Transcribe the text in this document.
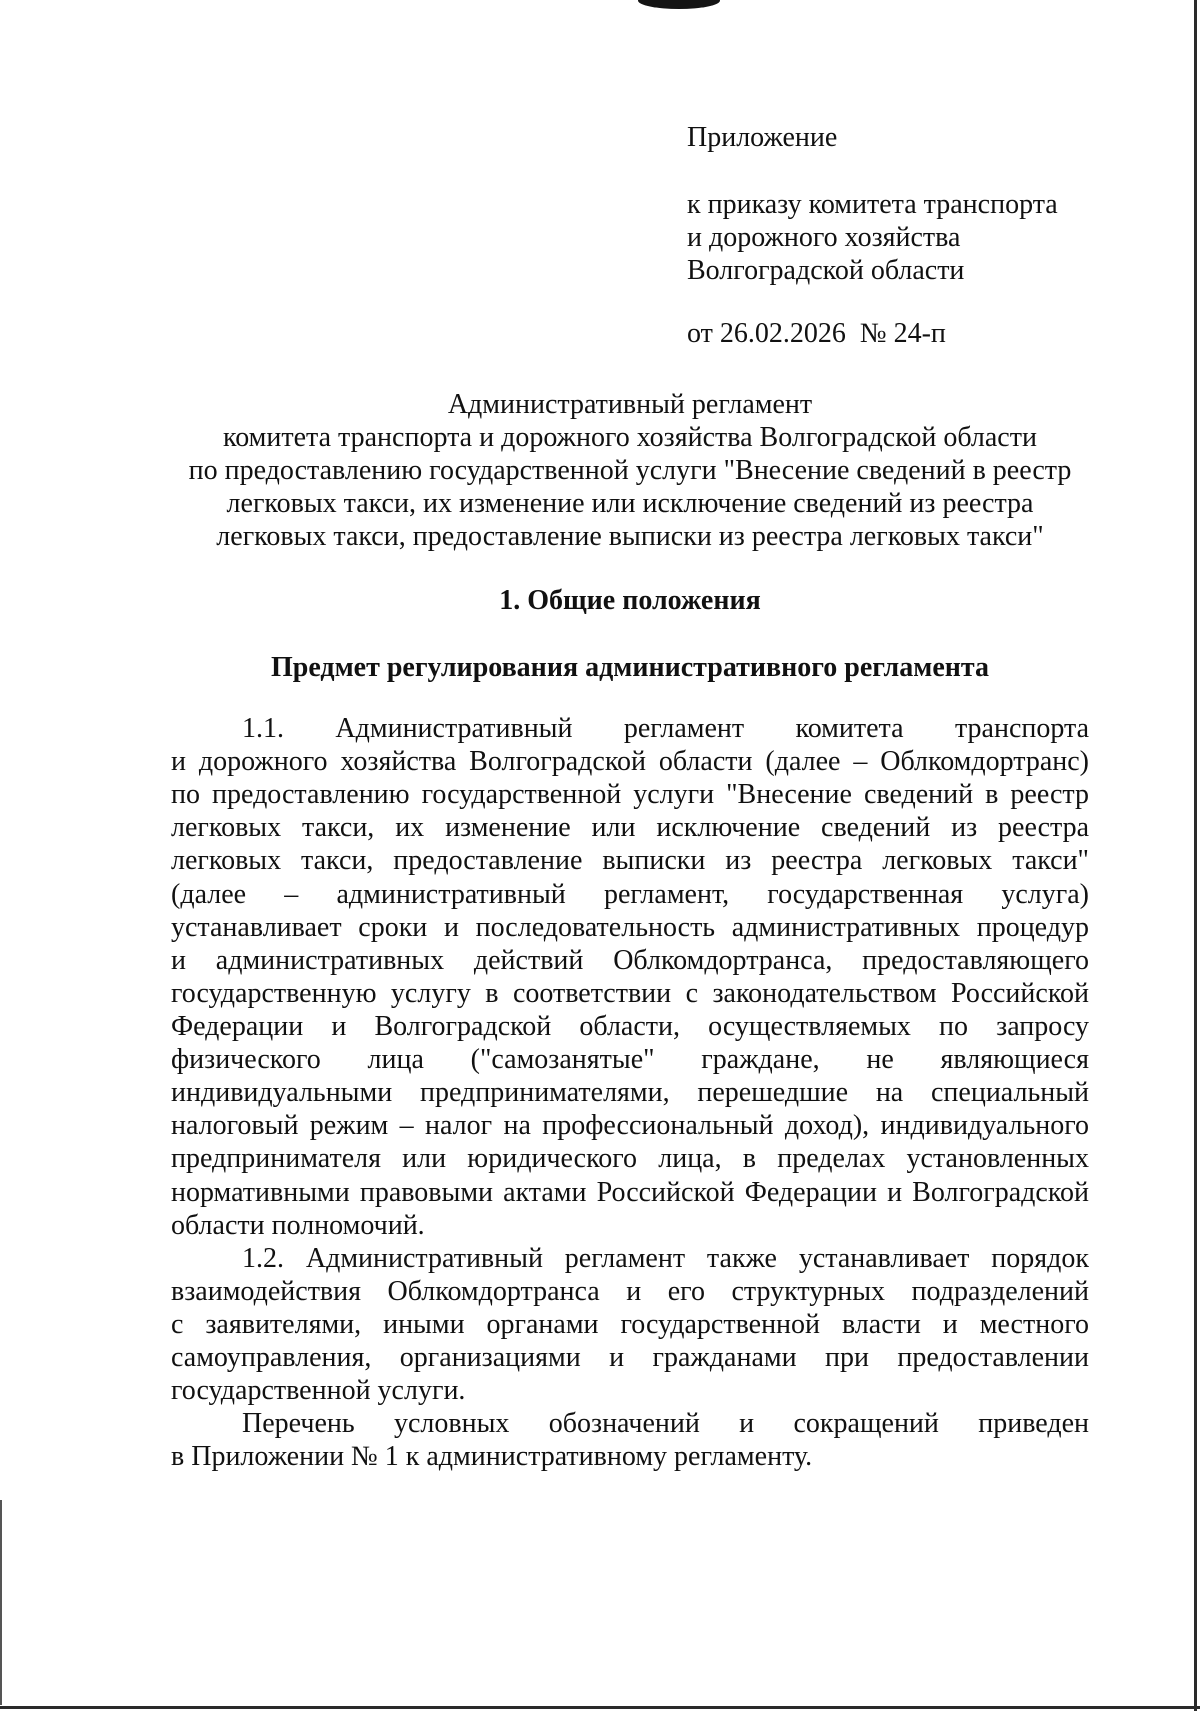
Приложение
к приказу комитета транспорта
и дорожного хозяйства
Волгоградской области
от 26.02.2026  № 24-п
Административный регламент
комитета транспорта и дорожного хозяйства Волгоградской области
по предоставлению государственной услуги "Внесение сведений в реестр
легковых такси, их изменение или исключение сведений из реестра
легковых такси, предоставление выписки из реестра легковых такси"
1. Общие положения
Предмет регулирования административного регламента
1.1. Административный регламент комитета транспорта
и дорожного хозяйства Волгоградской области (далее – Облкомдортранс)
по предоставлению государственной услуги "Внесение сведений в реестр
легковых такси, их изменение или исключение сведений из реестра
легковых такси, предоставление выписки из реестра легковых такси"
(далее – административный регламент, государственная услуга)
устанавливает сроки и последовательность административных процедур
и административных действий Облкомдортранса, предоставляющего
государственную услугу в соответствии с законодательством Российской
Федерации и Волгоградской области, осуществляемых по запросу
физического лица ("самозанятые" граждане, не являющиеся
индивидуальными предпринимателями, перешедшие на специальный
налоговый режим – налог на профессиональный доход), индивидуального
предпринимателя или юридического лица, в пределах установленных
нормативными правовыми актами Российской Федерации и Волгоградской
области полномочий.
1.2. Административный регламент также устанавливает порядок
взаимодействия Облкомдортранса и его структурных подразделений
с заявителями, иными органами государственной власти и местного
самоуправления, организациями и гражданами при предоставлении
государственной услуги.
Перечень условных обозначений и сокращений приведен
в Приложении № 1 к административному регламенту.
